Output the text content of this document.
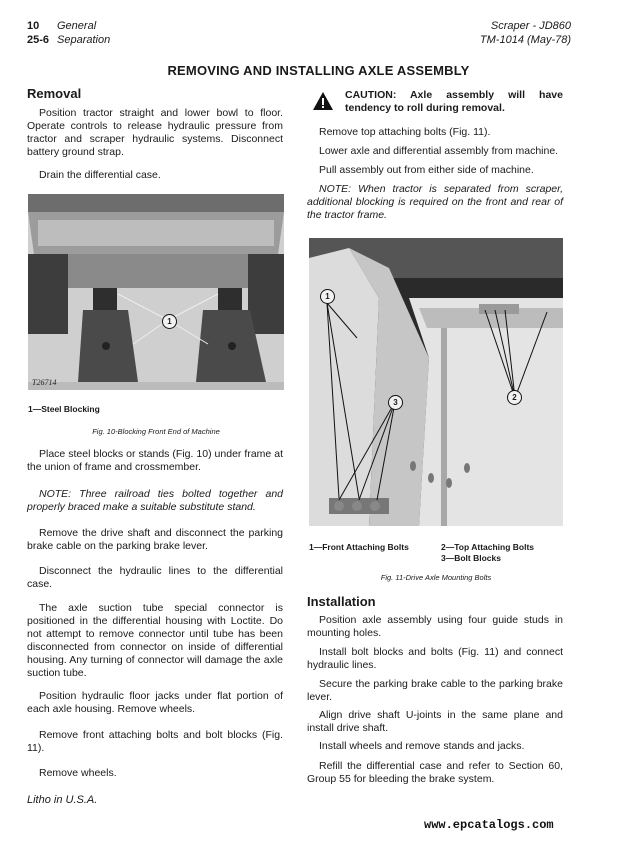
10 General
25-6 Separation
Scraper - JD860
TM-1014 (May-78)
REMOVING AND INSTALLING AXLE ASSEMBLY
Removal
Position tractor straight and lower bowl to floor. Operate controls to release hydraulic pressure from tractor and scraper hydraulic systems. Disconnect battery ground strap.
Drain the differential case.
1
T26714
1—Steel Blocking
Fig. 10-Blocking Front End of Machine
Place steel blocks or stands (Fig. 10) under frame at the union of frame and crossmember.
NOTE: Three railroad ties bolted together and properly braced make a suitable substitute stand.
Remove the drive shaft and disconnect the parking brake cable on the parking brake lever.
Disconnect the hydraulic lines to the differential case.
The axle suction tube special connector is positioned in the differential housing with Loctite. Do not attempt to remove connector until tube has been disconnected from connector on inside of differential housing. Any turning of connector will damage the axle suction tube.
Position hydraulic floor jacks under flat portion of each axle housing. Remove wheels.
Remove front attaching bolts and bolt blocks (Fig. 11).
Remove wheels.
Litho in U.S.A.
CAUTION: Axle assembly will have tendency to roll during removal.
Remove top attaching bolts (Fig. 11).
Lower axle and differential assembly from machine.
Pull assembly out from either side of machine.
NOTE: When tractor is separated from scraper, additional blocking is required on the front and rear of the tractor frame.
1
2
3
T26715
1—Front Attaching Bolts	2—Top Attaching Bolts
3—Bolt Blocks
Fig. 11-Drive Axle Mounting Bolts
Installation
Position axle assembly using four guide studs in mounting holes.
Install bolt blocks and bolts (Fig. 11) and connect hydraulic lines.
Secure the parking brake cable to the parking brake lever.
Align drive shaft U-joints in the same plane and install drive shaft.
Install wheels and remove stands and jacks.
Refill the differential case and refer to Section 60, Group 55 for bleeding the brake system.
www.epcatalogs.com
